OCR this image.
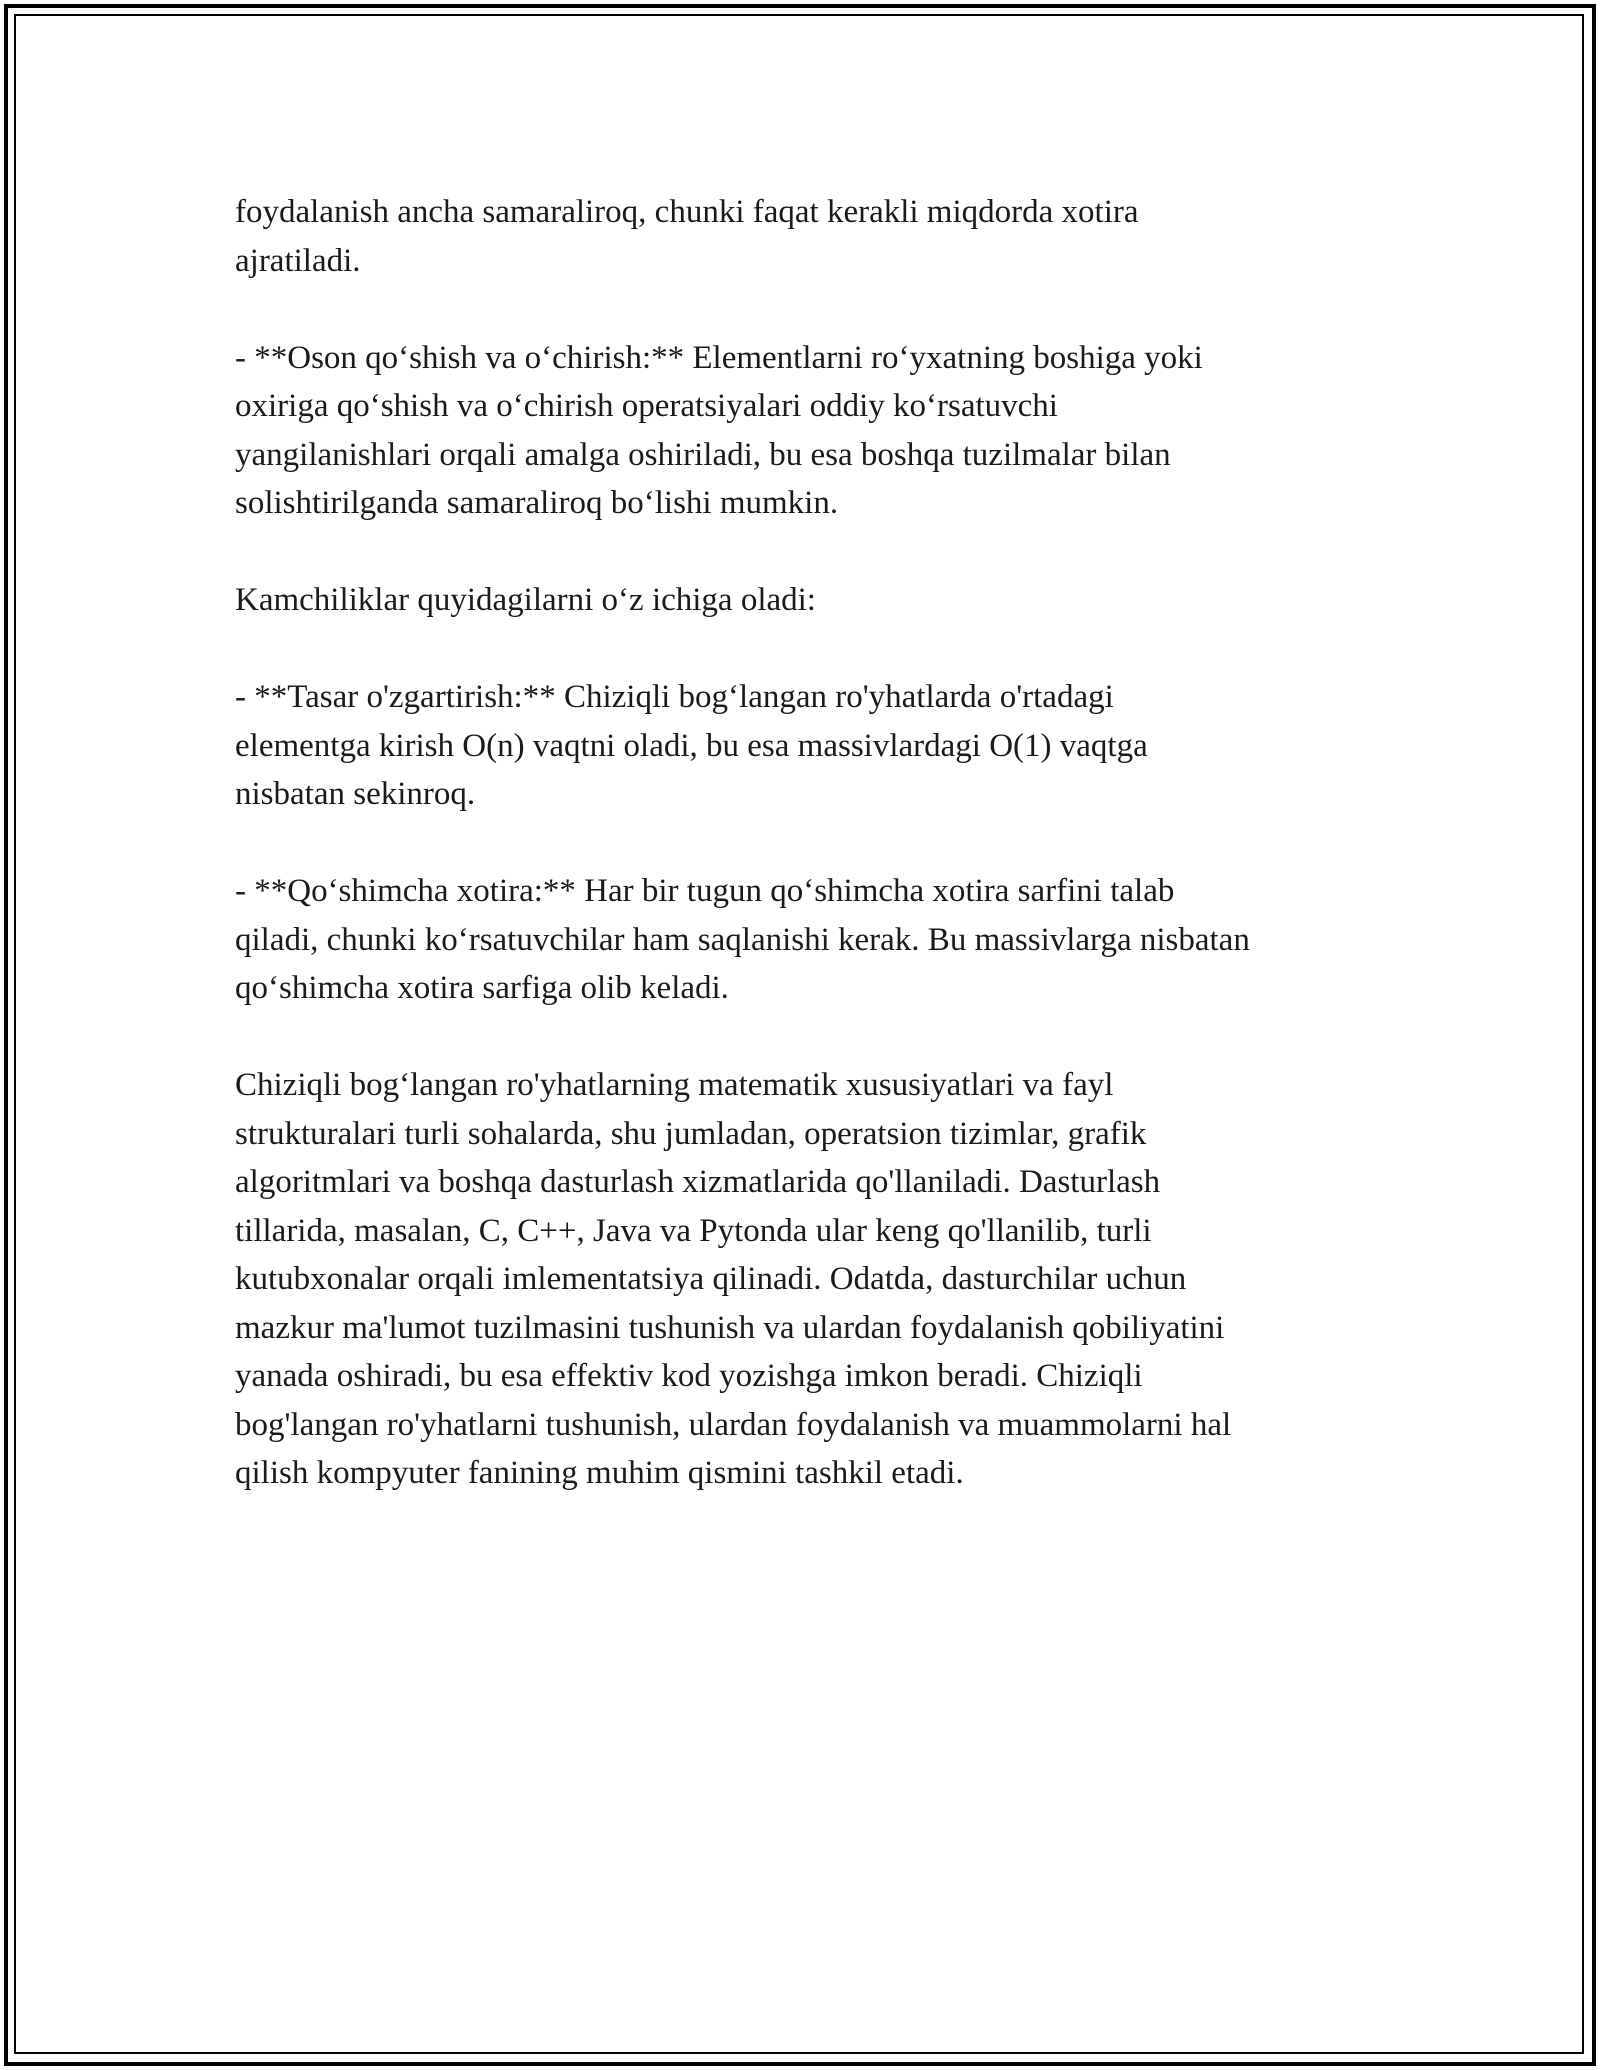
foydalanish ancha samaraliroq, chunki faqat kerakli miqdorda xotira
ajratiladi.

- **Oson qo‘shish va o‘chirish:** Elementlarni ro‘yxatning boshiga yoki
oxiriga qo‘shish va o‘chirish operatsiyalari oddiy ko‘rsatuvchi
yangilanishlari orqali amalga oshiriladi, bu esa boshqa tuzilmalar bilan
solishtirilganda samaraliroq bo‘lishi mumkin.

Kamchiliklar quyidagilarni o‘z ichiga oladi:

- **Tasar o'zgartirish:** Chiziqli bog‘langan ro'yhatlarda o'rtadagi
elementga kirish O(n) vaqtni oladi, bu esa massivlardagi O(1) vaqtga
nisbatan sekinroq.

- **Qo‘shimcha xotira:** Har bir tugun qo‘shimcha xotira sarfini talab
qiladi, chunki ko‘rsatuvchilar ham saqlanishi kerak. Bu massivlarga nisbatan
qo‘shimcha xotira sarfiga olib keladi.

Chiziqli bog‘langan ro'yhatlarning matematik xususiyatlari va fayl
strukturalari turli sohalarda, shu jumladan, operatsion tizimlar, grafik
algoritmlari va boshqa dasturlash xizmatlarida qo'llaniladi. Dasturlash
tillarida, masalan, C, C++, Java va Pytonda ular keng qo'llanilib, turli
kutubxonalar orqali imlementatsiya qilinadi. Odatda, dasturchilar uchun
mazkur ma'lumot tuzilmasini tushunish va ulardan foydalanish qobiliyatini
yanada oshiradi, bu esa effektiv kod yozishga imkon beradi. Chiziqli
bog'langan ro'yhatlarni tushunish, ulardan foydalanish va muammolarni hal
qilish kompyuter fanining muhim qismini tashkil etadi.
